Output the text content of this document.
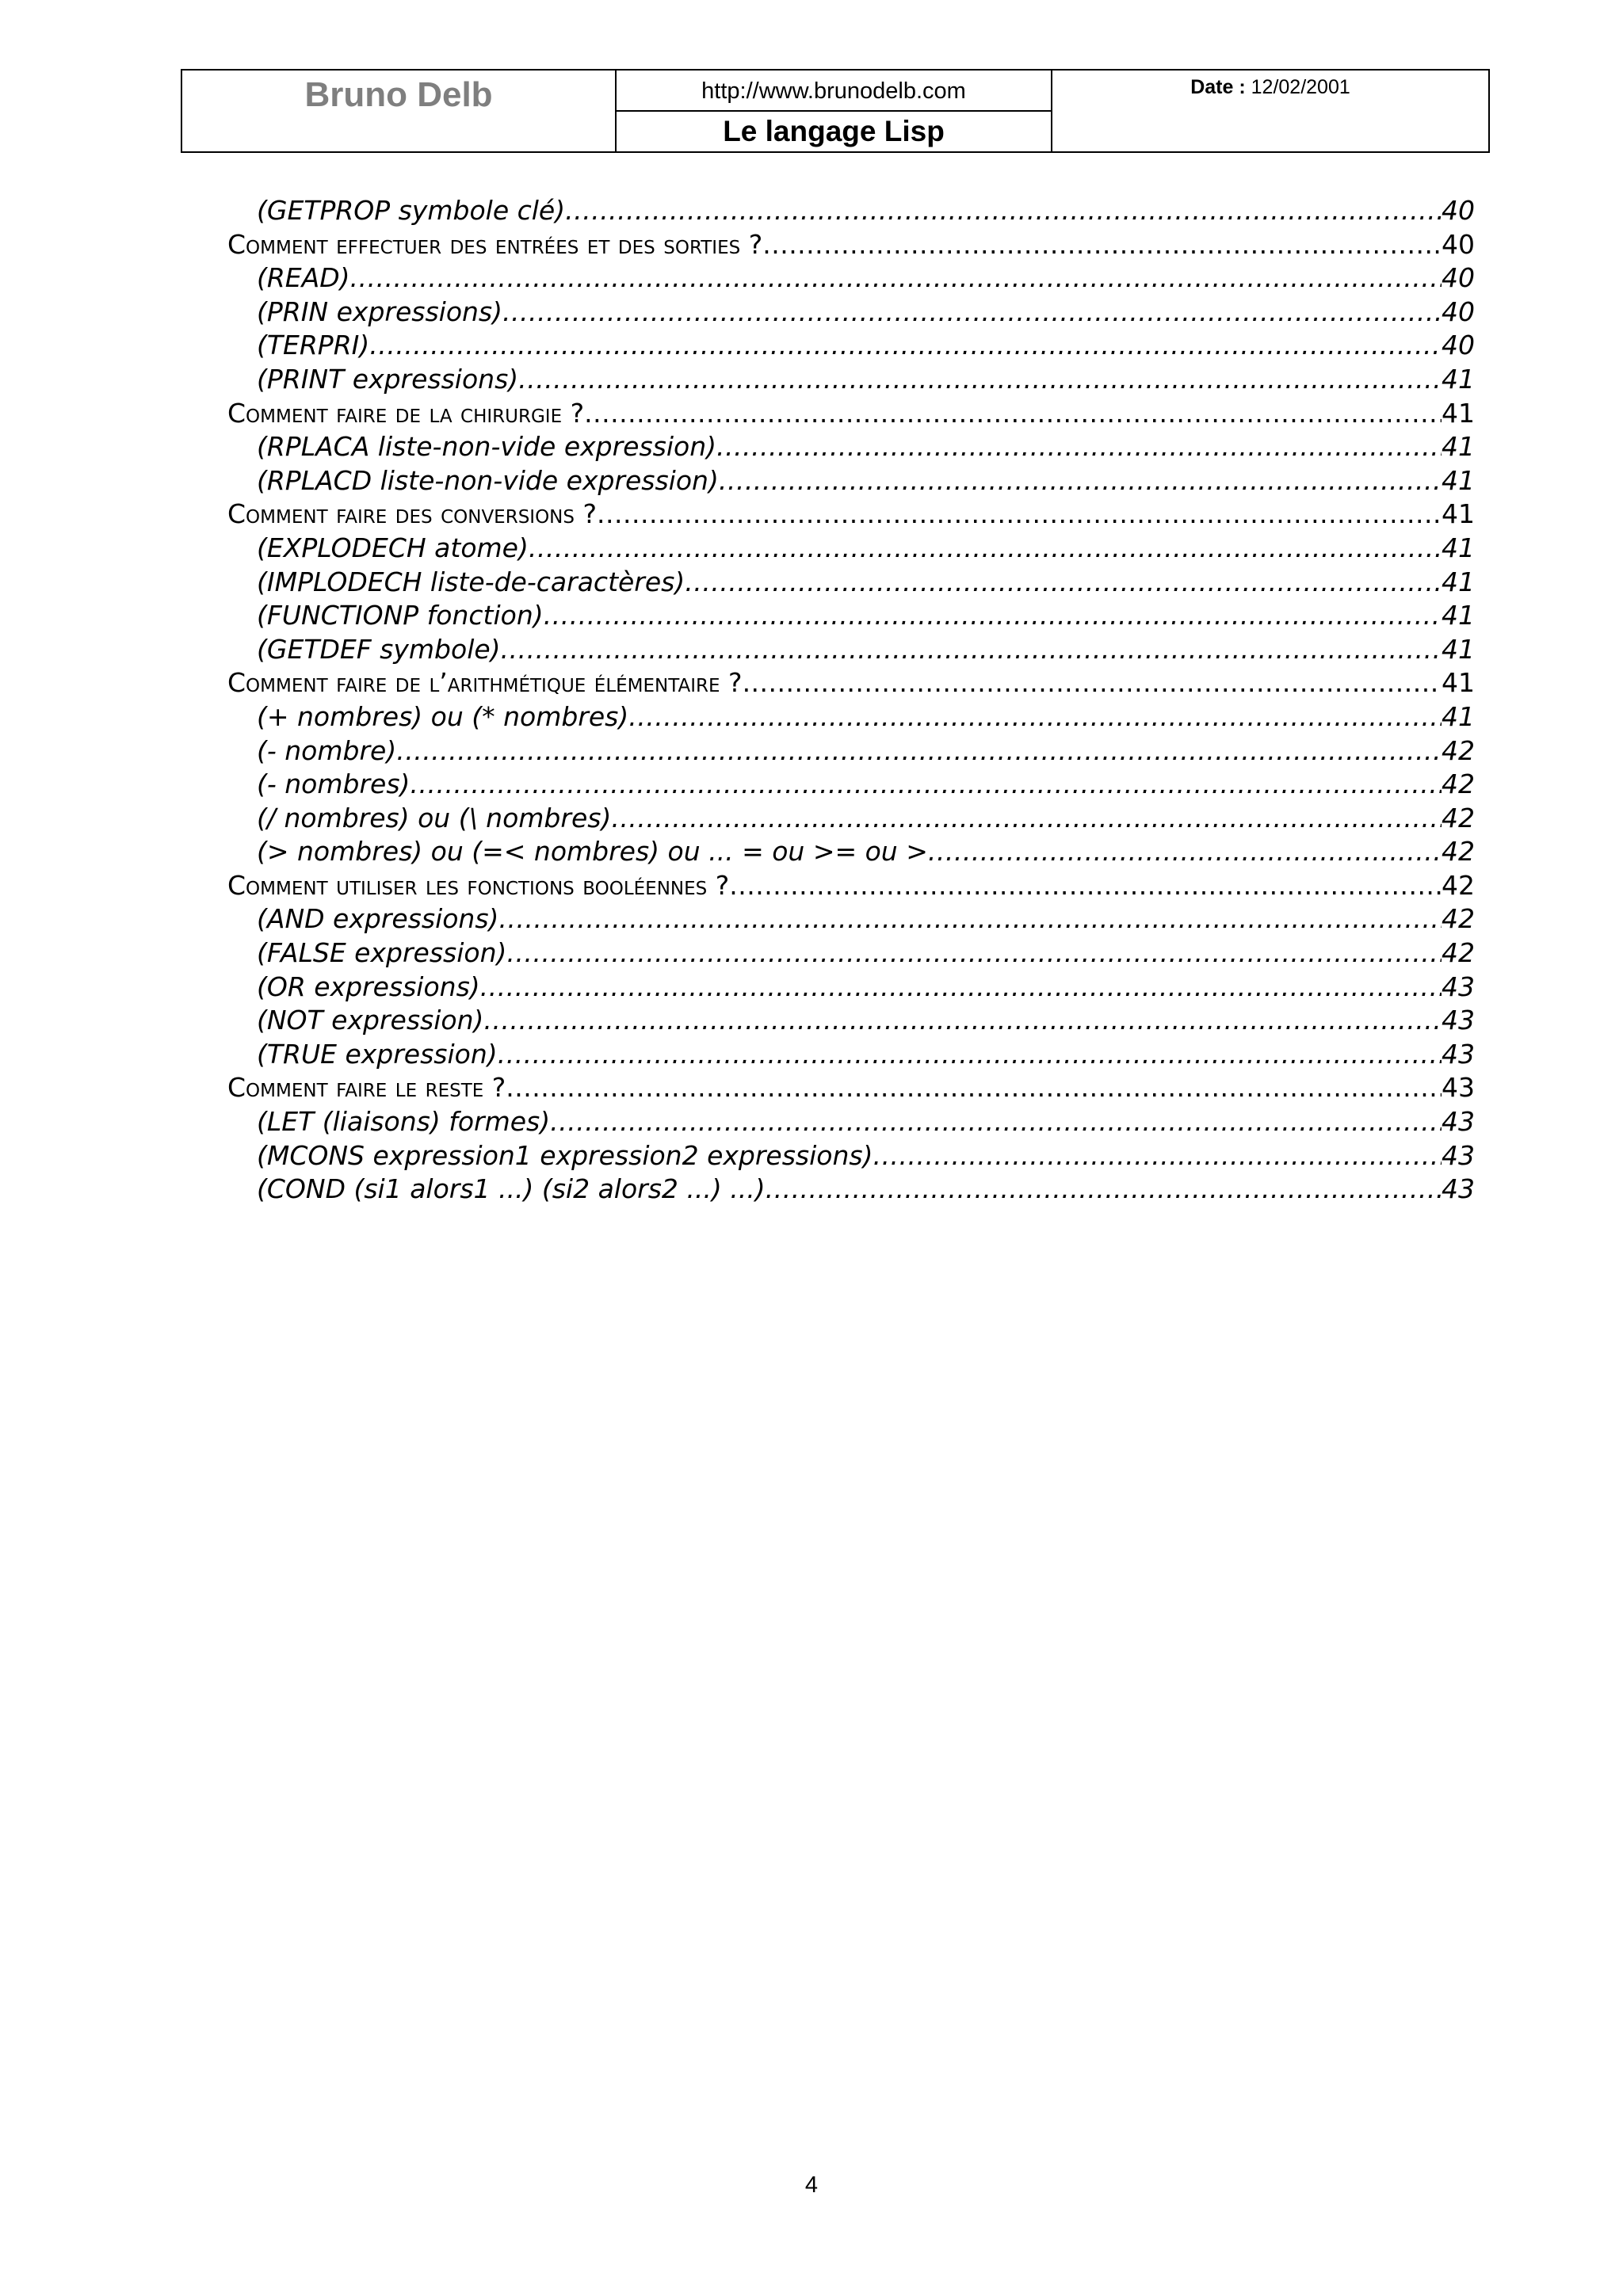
Bruno Delb	http://www.brunodelb.com	Date : 12/02/2001

Le langage Lisp
(GETPROP symbole clé) .....	40
Comment effectuer des entrées et des sorties ? .....	40
(READ) .....	40
(PRIN expressions) .....	40
(TERPRI) .....	40
(PRINT expressions) .....	41
Comment faire de la chirurgie ? .....	41
(RPLACA liste-non-vide expression) .....	41
(RPLACD liste-non-vide expression) .....	41
Comment faire des conversions ? .....	41
(EXPLODECH atome) .....	41
(IMPLODECH liste-de-caractères) .....	41
(FUNCTIONP fonction) .....	41
(GETDEF symbole) .....	41
Comment faire de l’arithmétique élémentaire ? .....	41
(+ nombres) ou (* nombres) .....	41
(- nombre) .....	42
(- nombres) .....	42
(/ nombres) ou (\ nombres) .....	42
(> nombres) ou (=< nombres) ou ... = ou >= ou > .....	42
Comment utiliser les fonctions booléennes ? .....	42
(AND expressions) .....	42
(FALSE expression) .....	42
(OR expressions) .....	43
(NOT expression) .....	43
(TRUE expression) .....	43
Comment faire le reste ? .....	43
(LET (liaisons) formes) .....	43
(MCONS expression1 expression2 expressions) .....	43
(COND (si1 alors1 ...) (si2 alors2 ...) ...) .....	43
4
